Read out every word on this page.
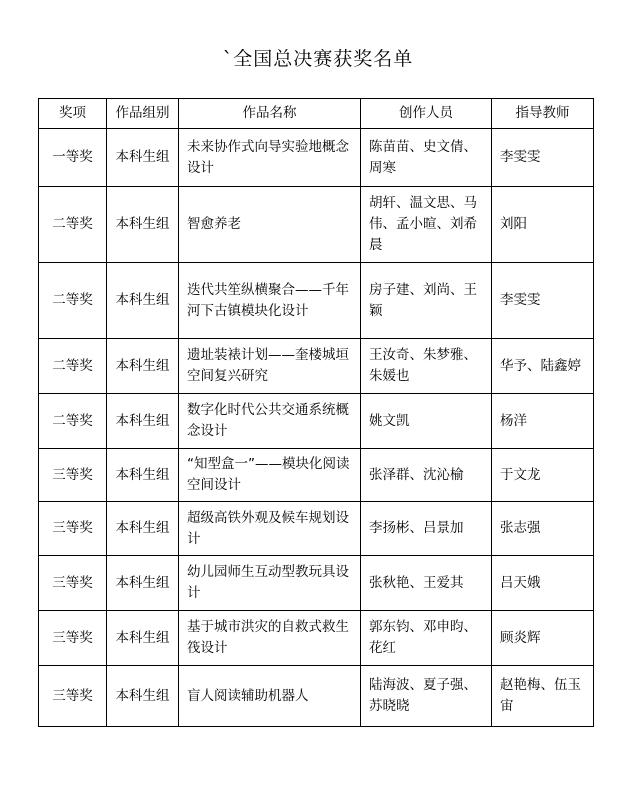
`全国总决赛获奖名单
奖项	作品组别	作品名称	创作人员	指导教师
一等奖	本科生组	未来协作式向导实验地概念设计	陈苗苗、史文倩、周寒	李雯雯
二等奖	本科生组	智愈养老	胡轩、温文思、马伟、孟小暄、刘希晨	刘阳
二等奖	本科生组	迭代共笙纵横聚合——千年河下古镇模块化设计	房子建、刘尚、王颖	李雯雯
二等奖	本科生组	遗址装裱计划——奎楼城垣空间复兴研究	王汝奇、朱梦雅、朱媛也	华予、陆鑫婷
二等奖	本科生组	数字化时代公共交通系统概念设计	姚文凯	杨洋
三等奖	本科生组	“知型盒一”——模块化阅读空间设计	张泽群、沈沁榆	于文龙
三等奖	本科生组	超级高铁外观及候车规划设计	李扬彬、吕景加	张志强
三等奖	本科生组	幼儿园师生互动型教玩具设计	张秋艳、王爱其	吕天娥
三等奖	本科生组	基于城市洪灾的自救式救生筏设计	郭东钧、邓申昀、花红	顾炎辉
三等奖	本科生组	盲人阅读辅助机器人	陆海波、夏子强、苏晓晓	赵艳梅、伍玉宙
